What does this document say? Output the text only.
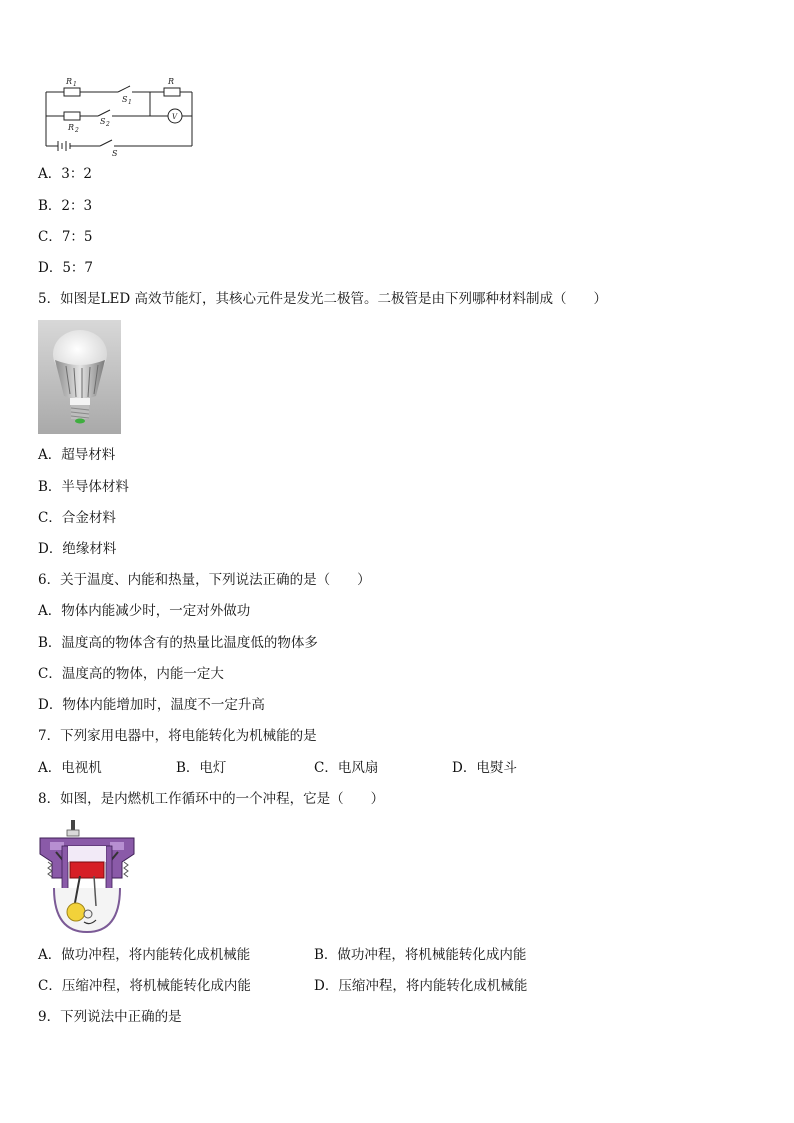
R 1	R
S 1
R 2
S 2
S
V
A．3：2
B．2：3
C．7：5
D．5：7
5．如图是LED 高效节能灯，其核心元件是发光二极管。二极管是由下列哪种材料制成（　　）
A．超导材料
B．半导体材料
C．合金材料
D．绝缘材料
6．关于温度、内能和热量，下列说法正确的是（　　）
A．物体内能减少时，一定对外做功
B．温度高的物体含有的热量比温度低的物体多
C．温度高的物体，内能一定大
D．物体内能增加时，温度不一定升高
7．下列家用电器中，将电能转化为机械能的是
A．电视机	B．电灯	C．电风扇	D．电熨斗
8．如图，是内燃机工作循环中的一个冲程，它是（　　）
A．做功冲程，将内能转化成机械能	B．做功冲程，将机械能转化成内能
C．压缩冲程，将机械能转化成内能	D．压缩冲程，将内能转化成机械能
9．下列说法中正确的是
